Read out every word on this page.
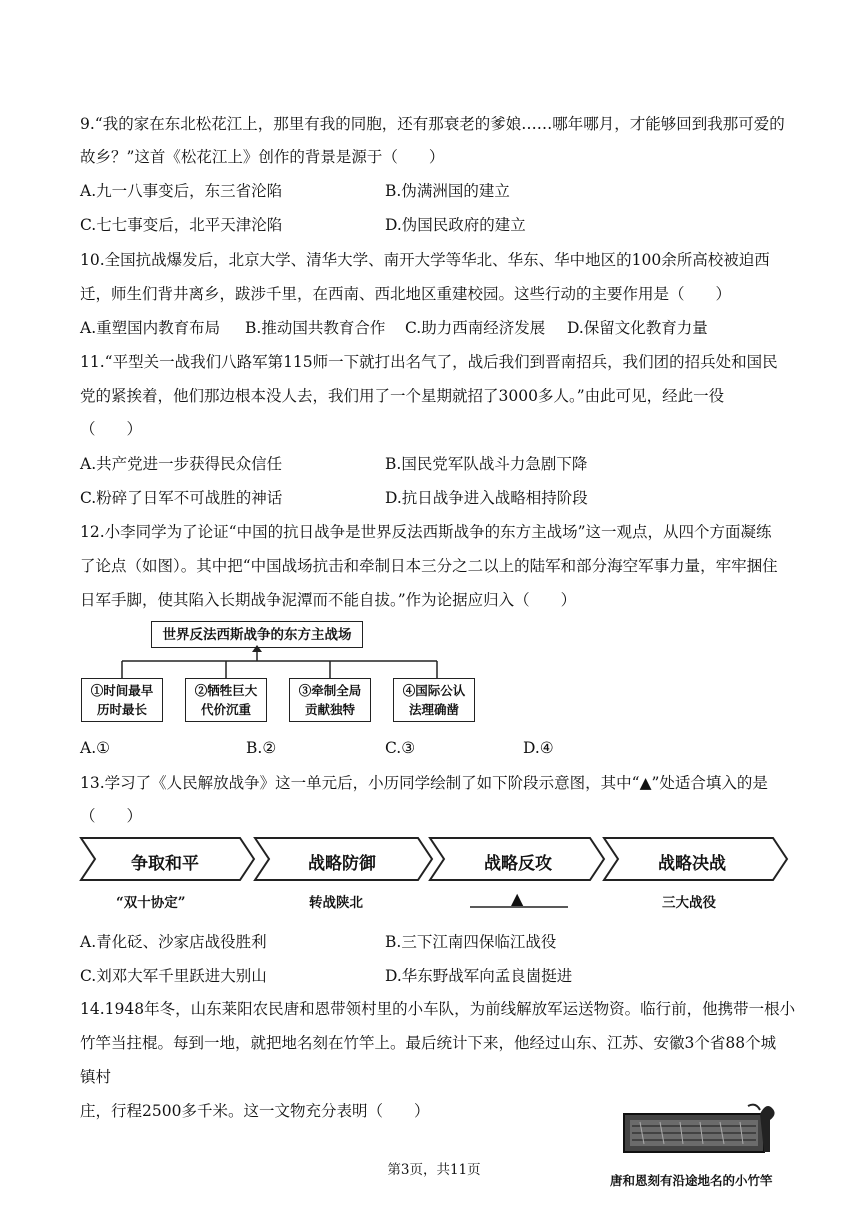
9.“我的家在东北松花江上，那里有我的同胞，还有那衰老的爹娘……哪年哪月，才能够回到我那可爱的
故乡？”这首《松花江上》创作的背景是源于（　　）
A.九一八事变后，东三省沦陷	B.伪满洲国的建立
C.七七事变后，北平天津沦陷	D.伪国民政府的建立
10.全国抗战爆发后，北京大学、清华大学、南开大学等华北、华东、华中地区的100余所高校被迫西
迁，师生们背井离乡，跋涉千里，在西南、西北地区重建校园。这些行动的主要作用是（　　）
A.重塑国内教育布局 B.推动国共教育合作 C.助力西南经济发展 D.保留文化教育力量
11.“平型关一战我们八路军第115师一下就打出名气了，战后我们到晋南招兵，我们团的招兵处和国民
党的紧挨着，他们那边根本没人去，我们用了一个星期就招了3000多人。”由此可见，经此一役
（　　）
A.共产党进一步获得民众信任	B.国民党军队战斗力急剧下降
C.粉碎了日军不可战胜的神话	D.抗日战争进入战略相持阶段
12.小李同学为了论证“中国的抗日战争是世界反法西斯战争的东方主战场”这一观点，从四个方面凝练
了论点（如图）。其中把“中国战场抗击和牵制日本三分之二以上的陆军和部分海空军事力量，牢牢捆住
日军手脚，使其陷入长期战争泥潭而不能自拔。”作为论据应归入（　　）
世界反法西斯战争的东方主战场
①时间最早
历时最长
②牺牲巨大
代价沉重
③牵制全局
贡献独特
④国际公认
法理确凿
A.①	B.②	C.③	D.④
13.学习了《人民解放战争》这一单元后，小历同学绘制了如下阶段示意图，其中“▲”处适合填入的是
（　　）
争取和平	战略防御	战略反攻	战略决战
“双十协定”	转战陕北	▲	三大战役
A.青化砭、沙家店战役胜利	B.三下江南四保临江战役
C.刘邓大军千里跃进大别山	D.华东野战军向孟良崮挺进
14.1948年冬，山东莱阳农民唐和恩带领村里的小车队，为前线解放军运送物资。临行前，他携带一根小
竹竿当拄棍。每到一地，就把地名刻在竹竿上。最后统计下来，他经过山东、江苏、安徽3个省88个城
镇村
庄，行程2500多千米。这一文物充分表明（　　）
唐和恩刻有沿途地名的小竹竿
第3页，共11页
